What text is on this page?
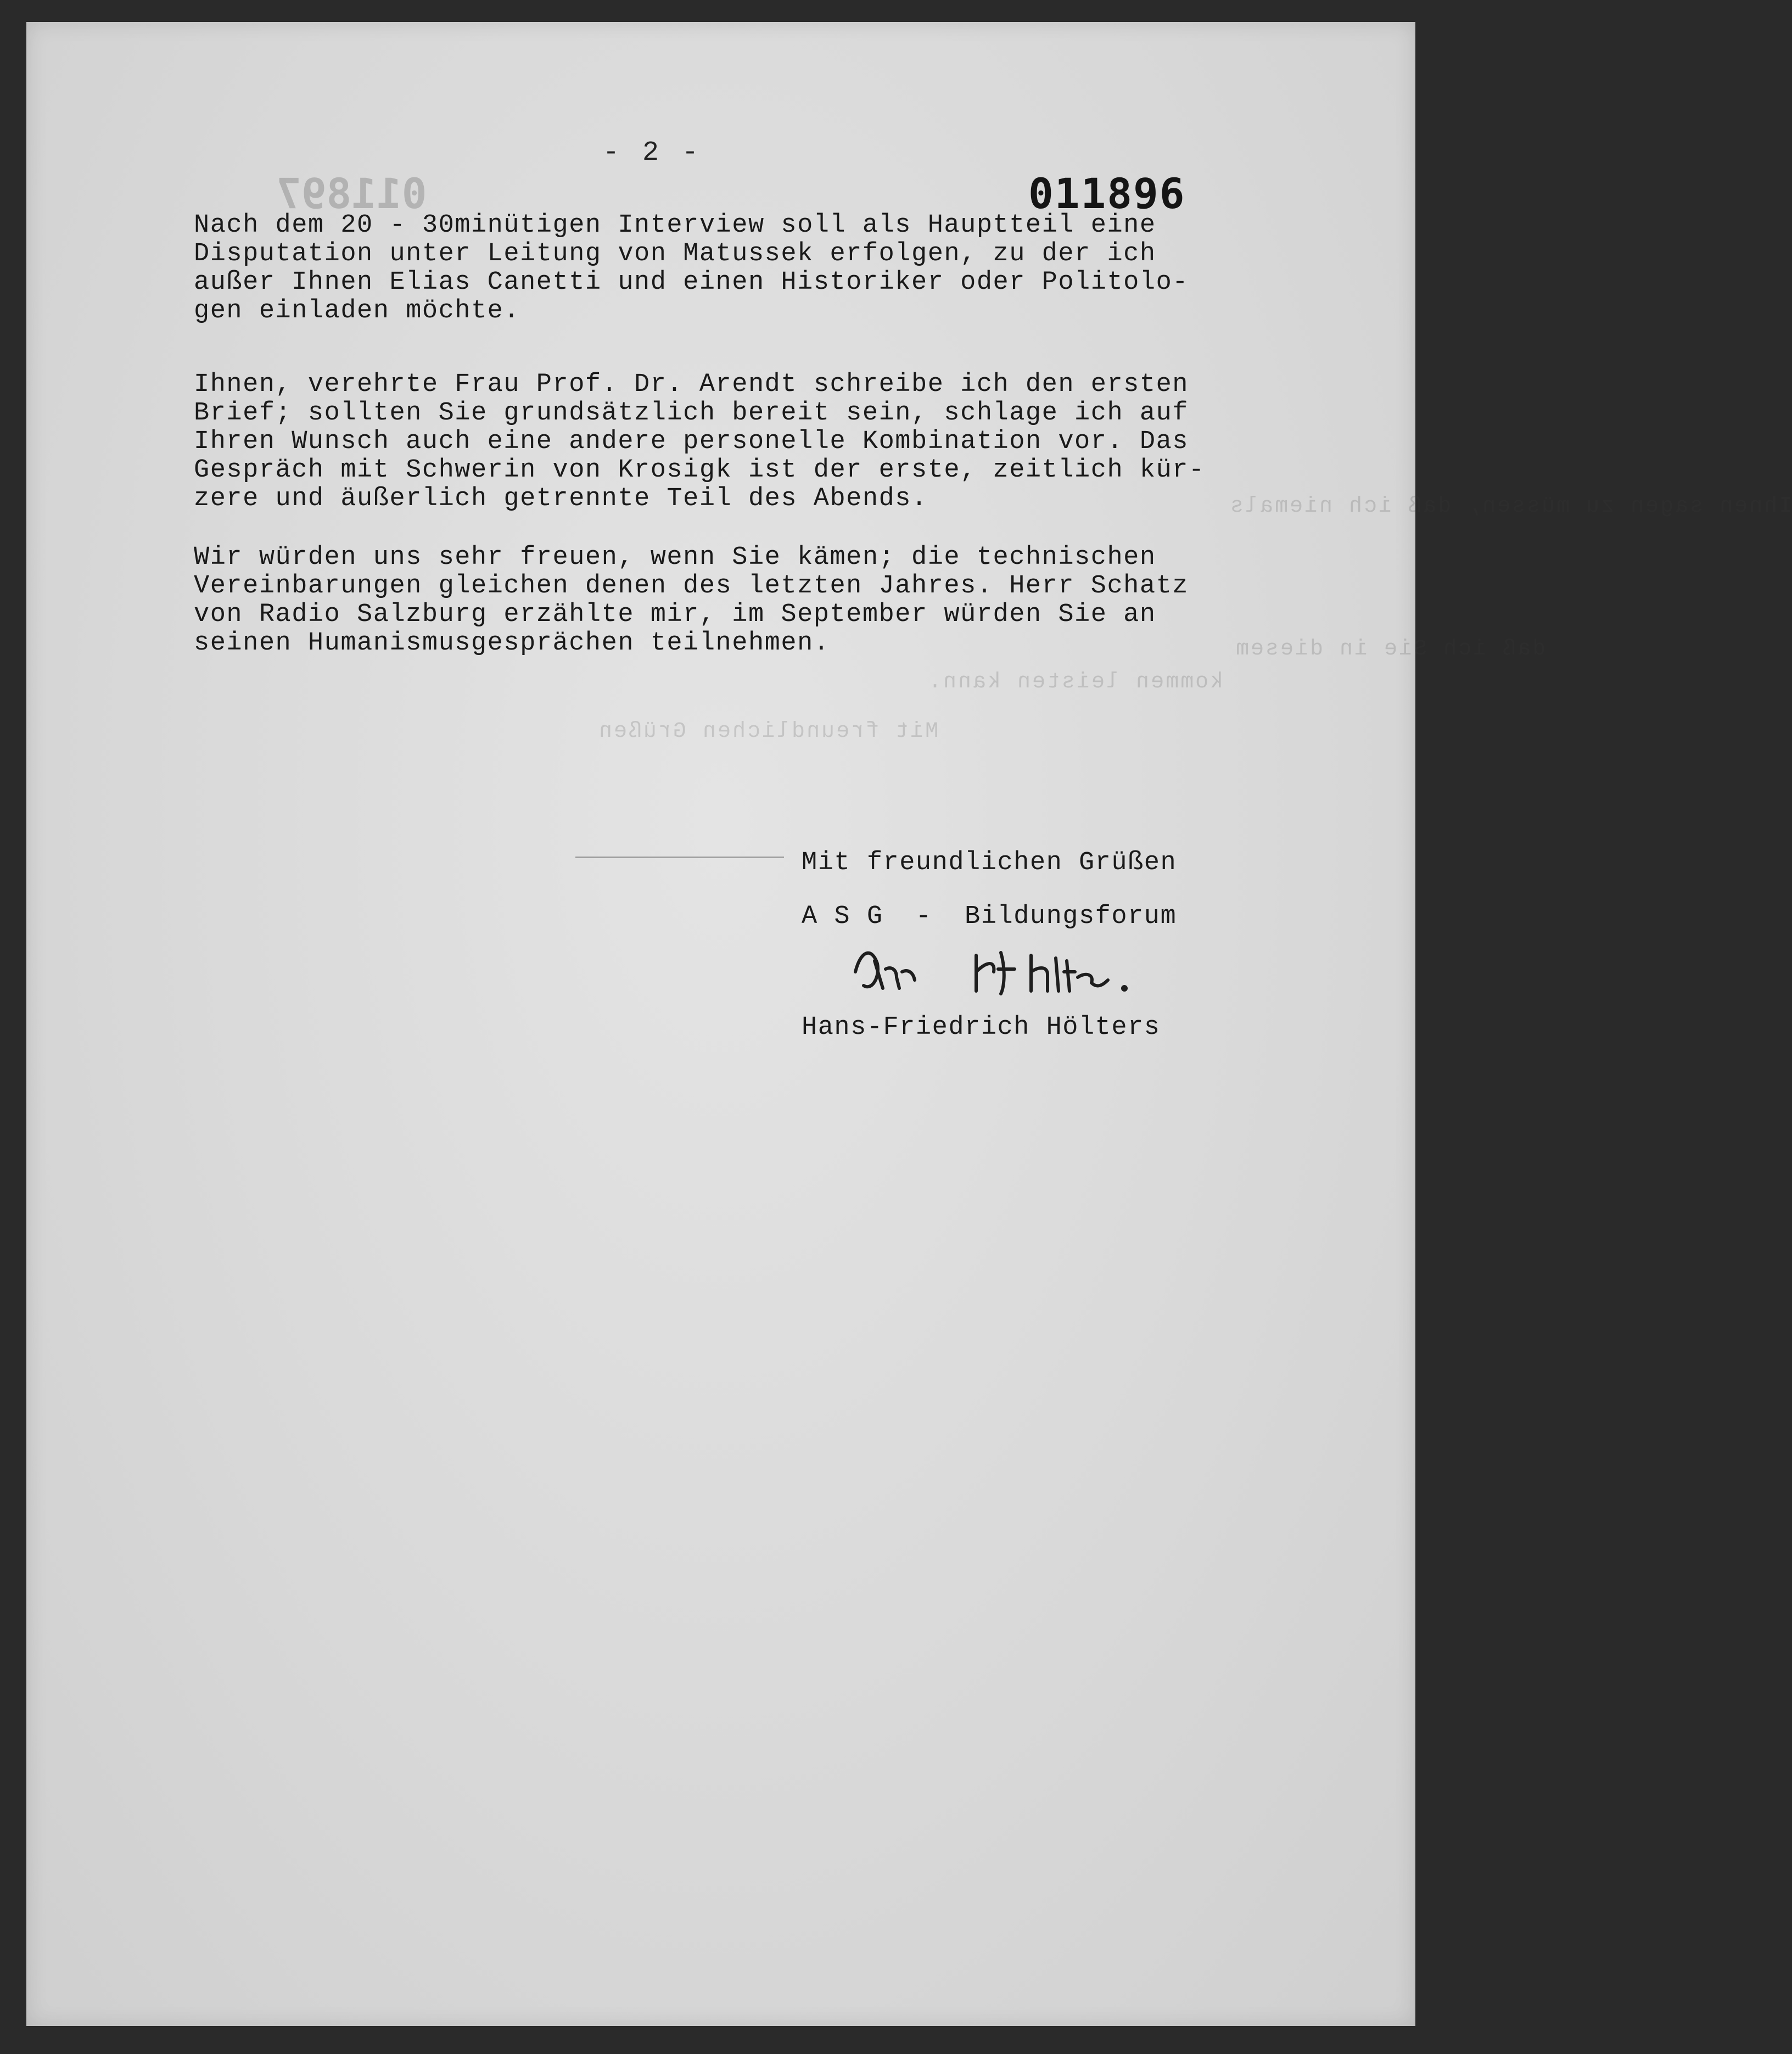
Ihnen sagen zu müssen, daß ich niemals
daß ich Sie in diesem
kommen leisten kann.
Mit freundlichen Grüßen
- 2 -
011897	011896

Nach dem 20 - 30minütigen Interview soll als Hauptteil eine
Disputation unter Leitung von Matussek erfolgen, zu der ich
außer Ihnen Elias Canetti und einen Historiker oder Politolo-
gen einladen möchte.

Ihnen, verehrte Frau Prof. Dr. Arendt schreibe ich den ersten
Brief; sollten Sie grundsätzlich bereit sein, schlage ich auf
Ihren Wunsch auch eine andere personelle Kombination vor. Das
Gespräch mit Schwerin von Krosigk ist der erste, zeitlich kür-
zere und äußerlich getrennte Teil des Abends.

Wir würden uns sehr freuen, wenn Sie kämen; die technischen
Vereinbarungen gleichen denen des letzten Jahres. Herr Schatz
von Radio Salzburg erzählte mir, im September würden Sie an
seinen Humanismusgesprächen teilnehmen.

Mit freundlichen Grüßen
A S G  -  Bildungsforum
Hans-Friedrich Hölters
